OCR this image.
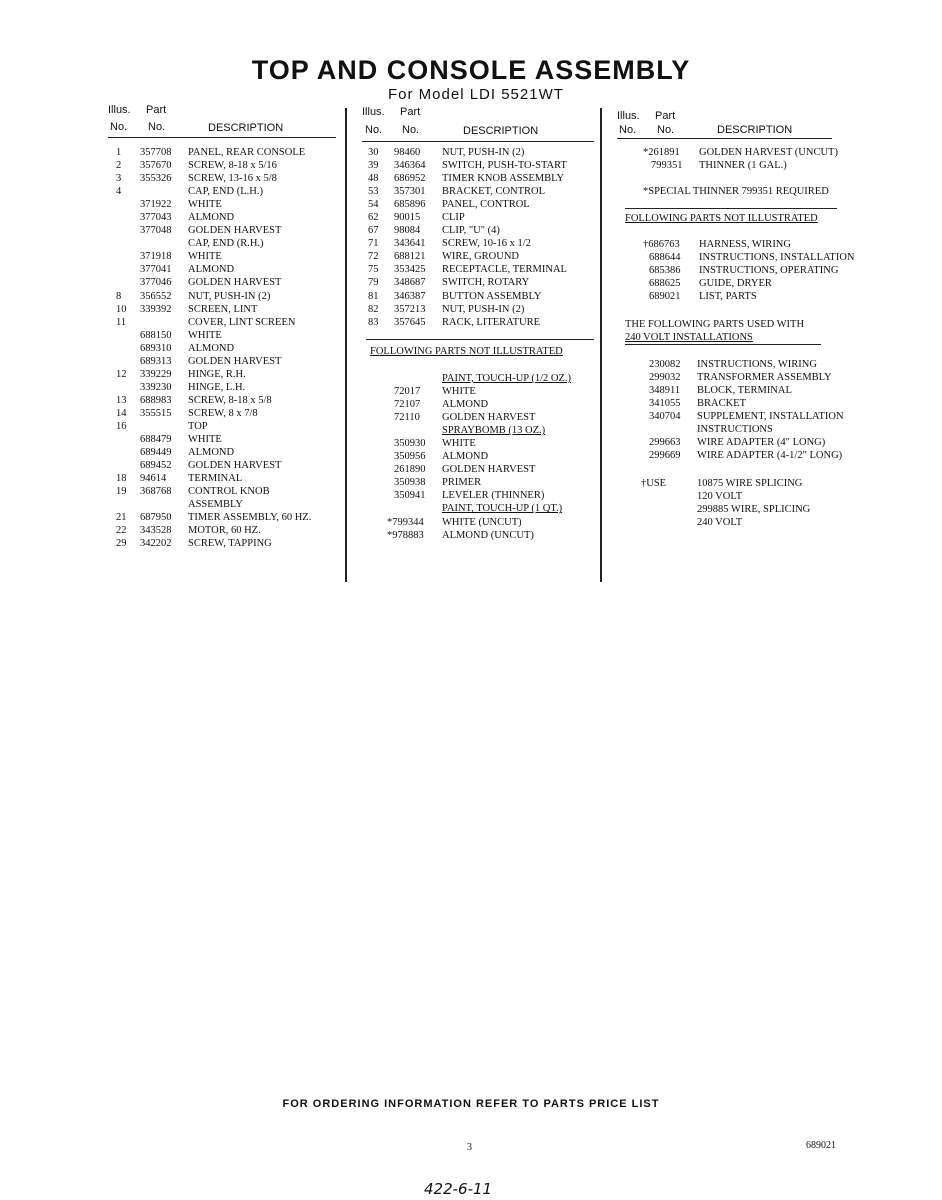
TOP AND CONSOLE ASSEMBLY
For Model LDI 5521WT
Illus. Part
No. No.	DESCRIPTION
1 357708 PANEL, REAR CONSOLE
2 357670 SCREW, 8-18 x 5/16
3 355326 SCREW, 13-16 x 5/8
4	CAP, END (L.H.)
371922 WHITE
377043 ALMOND
377048 GOLDEN HARVEST
CAP, END (R.H.)
371918 WHITE
377041 ALMOND
377046 GOLDEN HARVEST
8 356552 NUT, PUSH-IN (2)
10 339392 SCREEN, LINT
11	COVER, LINT SCREEN
688150 WHITE
689310 ALMOND
689313 GOLDEN HARVEST
12 339229 HINGE, R.H.
339230 HINGE, L.H.
13 688983 SCREW, 8-18 x 5/8
14 355515 SCREW, 8 x 7/8
16	TOP
688479 WHITE
689449 ALMOND
689452 GOLDEN HARVEST
18 94614 TERMINAL
19 368768 CONTROL KNOB
ASSEMBLY
21 687950 TIMER ASSEMBLY, 60 HZ.
22 343528 MOTOR, 60 HZ.
29 342202 SCREW, TAPPING
Illus. Part
No. No.	DESCRIPTION
30 98460 NUT, PUSH-IN (2)
39 346364 SWITCH, PUSH-TO-START
48 686952 TIMER KNOB ASSEMBLY
53 357301 BRACKET, CONTROL
54 685896 PANEL, CONTROL
62 90015 CLIP
67 98084 CLIP, "U" (4)
71 343641 SCREW, 10-16 x 1/2
72 688121 WIRE, GROUND
75 353425 RECEPTACLE, TERMINAL
79 348687 SWITCH, ROTARY
81 346387 BUTTON ASSEMBLY
82 357213 NUT, PUSH-IN (2)
83 357645 RACK, LITERATURE
FOLLOWING PARTS NOT ILLUSTRATED
PAINT, TOUCH-UP (1/2 OZ.)
72017 WHITE
72107 ALMOND
72110 GOLDEN HARVEST
SPRAYBOMB (13 OZ.)
350930 WHITE
350956 ALMOND
261890 GOLDEN HARVEST
350938 PRIMER
350941 LEVELER (THINNER)
PAINT, TOUCH-UP (1 QT.)
*799344 WHITE (UNCUT)
*978883 ALMOND (UNCUT)
Illus. Part
No. No.	DESCRIPTION
*261891 GOLDEN HARVEST (UNCUT)
799351 THINNER (1 GAL.)
*SPECIAL THINNER 799351 REQUIRED
FOLLOWING PARTS NOT ILLUSTRATED
†686763 HARNESS, WIRING
688644 INSTRUCTIONS, INSTALLATION
685386 INSTRUCTIONS, OPERATING
688625 GUIDE, DRYER
689021 LIST, PARTS
THE FOLLOWING PARTS USED WITH
240 VOLT INSTALLATIONS
230082 INSTRUCTIONS, WIRING
299032 TRANSFORMER ASSEMBLY
348911 BLOCK, TERMINAL
341055 BRACKET
340704 SUPPLEMENT, INSTALLATION
INSTRUCTIONS
299663 WIRE ADAPTER (4" LONG)
299669 WIRE ADAPTER (4-1/2" LONG)
†USE	10875 WIRE SPLICING
120 VOLT
299885 WIRE, SPLICING
240 VOLT
FOR ORDERING INFORMATION REFER TO PARTS PRICE LIST
3	689021
422-6-11
